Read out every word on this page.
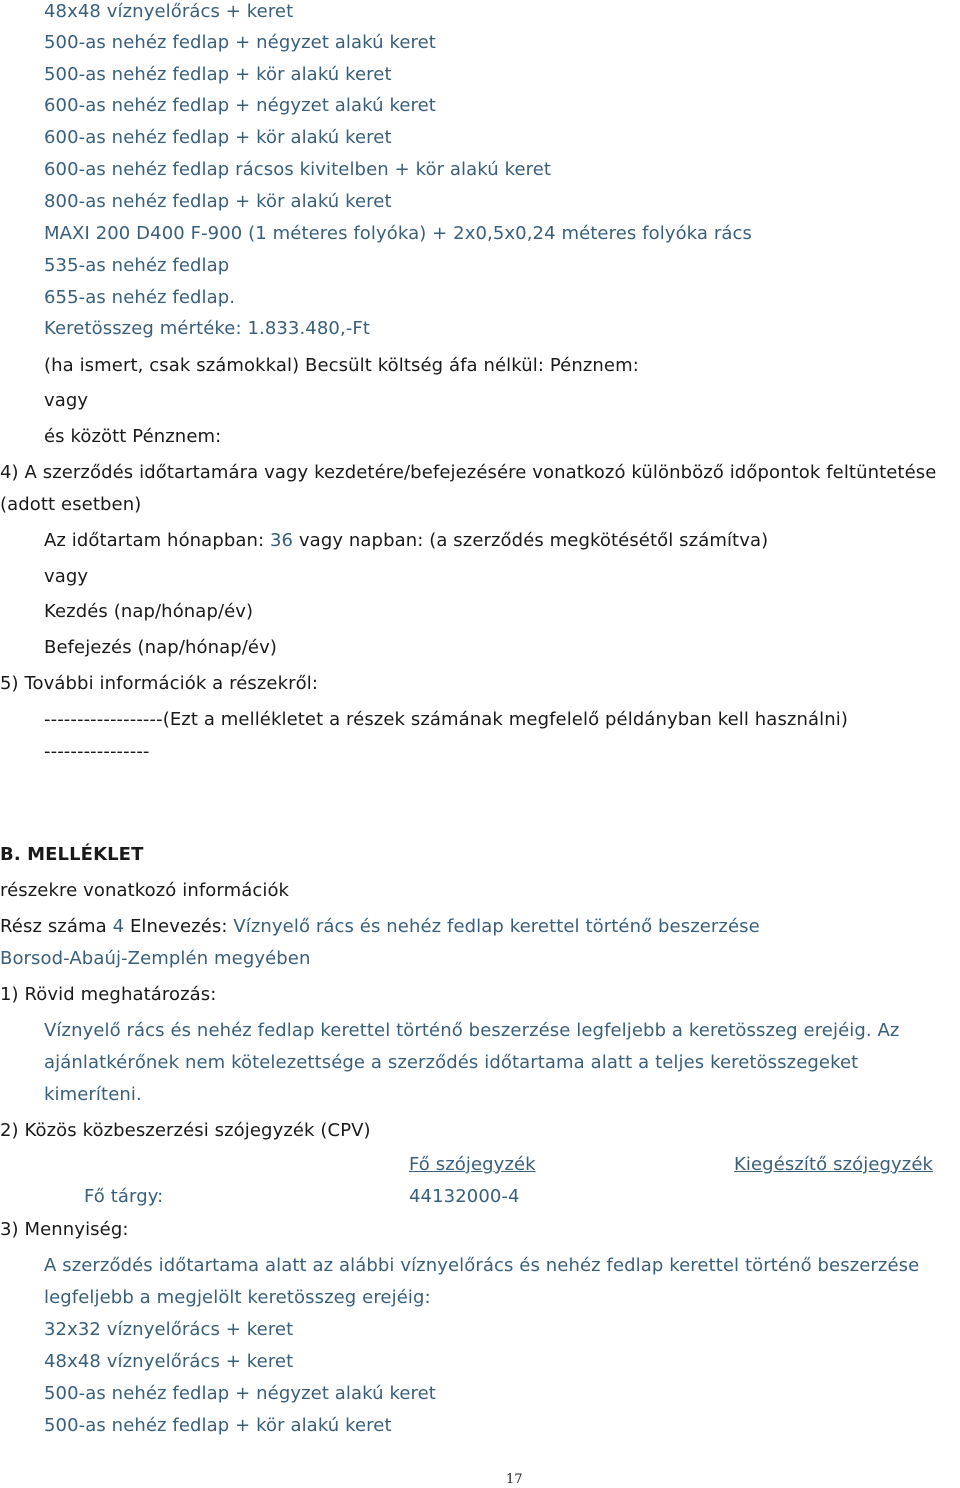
48x48 víznyelőrács + keret
500-as nehéz fedlap + négyzet alakú keret
500-as nehéz fedlap + kör alakú keret
600-as nehéz fedlap + négyzet alakú keret
600-as nehéz fedlap + kör alakú keret
600-as nehéz fedlap rácsos kivitelben + kör alakú keret
800-as nehéz fedlap + kör alakú keret
MAXI 200 D400 F-900 (1 méteres folyóka) + 2x0,5x0,24 méteres folyóka rács
535-as nehéz fedlap
655-as nehéz fedlap.
Keretösszeg mértéke: 1.833.480,-Ft
(ha ismert, csak számokkal) Becsült költség áfa nélkül: Pénznem:
vagy
és között Pénznem:
4) A szerződés időtartamára vagy kezdetére/befejezésére vonatkozó különböző időpontok feltüntetése
(adott esetben)
Az időtartam hónapban: 36 vagy napban: (a szerződés megkötésétől számítva)
vagy
Kezdés (nap/hónap/év)
Befejezés (nap/hónap/év)
5) További információk a részekről:
------------------(Ezt a mellékletet a részek számának megfelelő példányban kell használni)
----------------
B. MELLÉKLET
részekre vonatkozó információk
Rész száma 4 Elnevezés: Víznyelő rács és nehéz fedlap kerettel történő beszerzése
Borsod-Abaúj-Zemplén megyében
1) Rövid meghatározás:
Víznyelő rács és nehéz fedlap kerettel történő beszerzése legfeljebb a keretösszeg erejéig. Az
ajánlatkérőnek nem kötelezettsége a szerződés időtartama alatt a teljes keretösszegeket
kimeríteni.
2) Közös közbeszerzési szójegyzék (CPV)
Fő szójegyzék	Kiegészítő szójegyzék
Fő tárgy:	44132000-4
3) Mennyiség:
A szerződés időtartama alatt az alábbi víznyelőrács és nehéz fedlap kerettel történő beszerzése
legfeljebb a megjelölt keretösszeg erejéig:
32x32 víznyelőrács + keret
48x48 víznyelőrács + keret
500-as nehéz fedlap + négyzet alakú keret
500-as nehéz fedlap + kör alakú keret
17
